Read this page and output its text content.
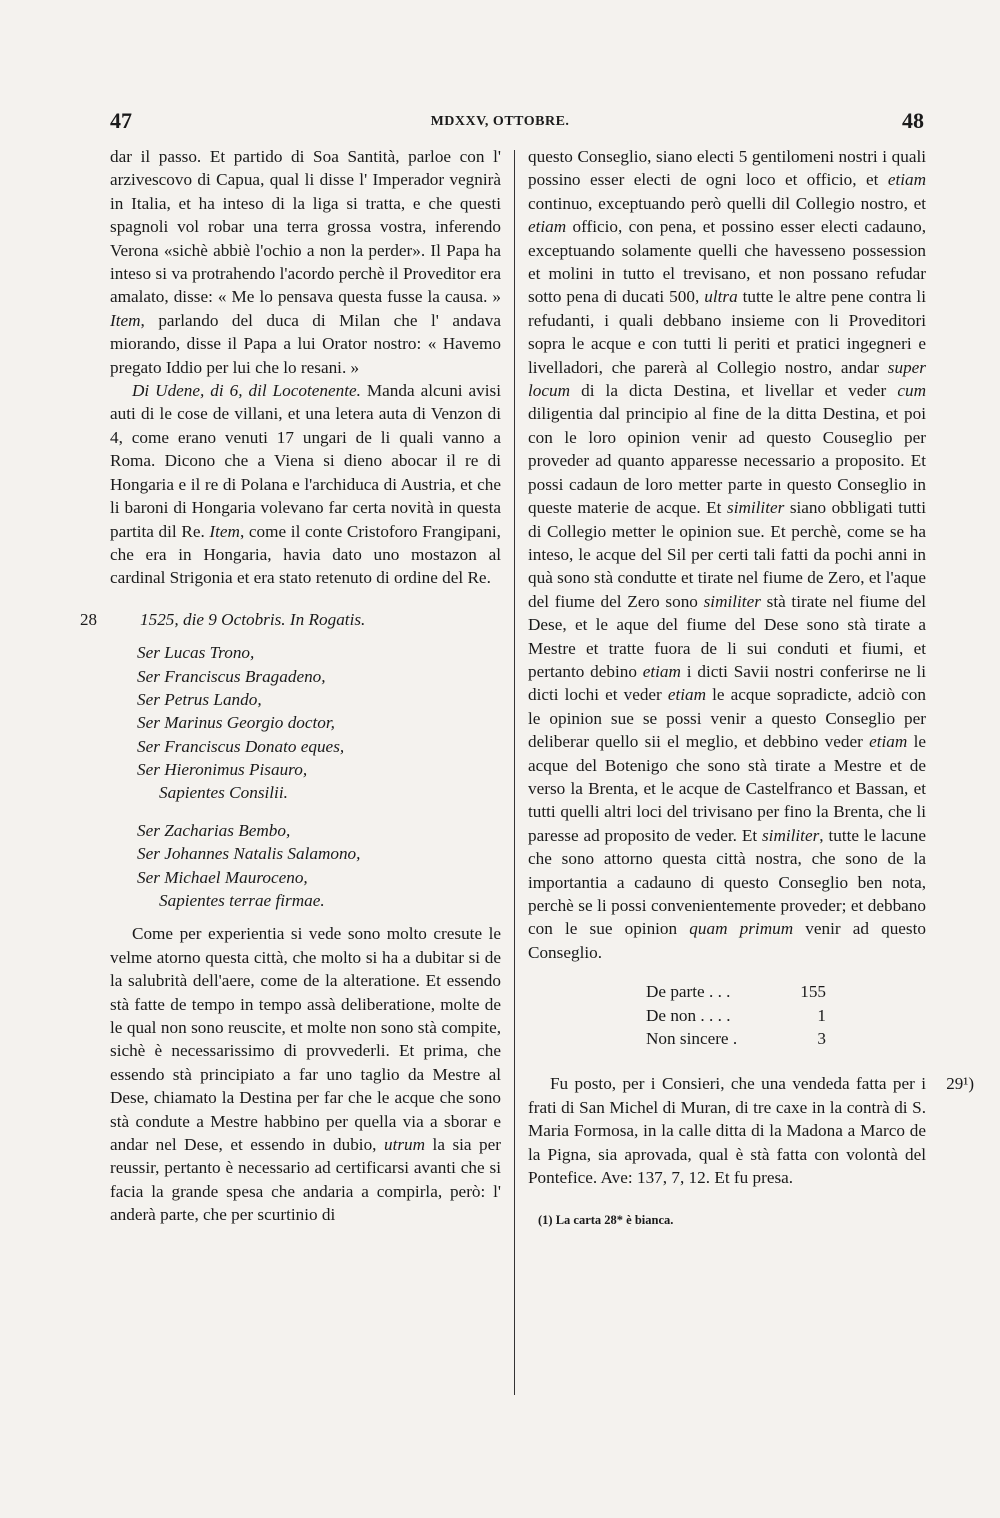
47	MDXXV, OTTOBRE.	48

dar il passo. Et partido di Soa Santità, parloe con l' arzivescovo di Capua, qual li disse l' Imperador vegnirà in Italia, et ha inteso di la liga si tratta, e che questi spagnoli vol robar una terra grossa vostra, inferendo Verona «sichè abbiè l'ochio a non la perder». Il Papa ha inteso si va protrahendo l'acordo perchè il Proveditor era amalato, disse: « Me lo pensava questa fusse la causa. » Item, parlando del duca di Milan che l' andava miorando, disse il Papa a lui Orator nostro: « Havemo pregato Iddio per lui che lo resani. »

Di Udene, di 6, dil Locotenente. Manda alcuni avisi auti di le cose de villani, et una letera auta di Venzon di 4, come erano venuti 17 ungari de li quali vanno a Roma. Dicono che a Viena si dieno abocar il re di Hongaria e il re di Polana e l'archiduca di Austria, et che li baroni di Hongaria volevano far certa novità in questa partita dil Re. Item, come il conte Cristoforo Frangipani, che era in Hongaria, havia dato uno mostazon al cardinal Strigonia et era stato retenuto di ordine del Re.

28	1525, die 9 Octobris. In Rogatis.
Ser Lucas Trono,
Ser Franciscus Bragadeno,
Ser Petrus Lando,
Ser Marinus Georgio doctor,
Ser Franciscus Donato eques,
Ser Hieronimus Pisauro,
Sapientes Consilii.
Ser Zacharias Bembo,
Ser Johannes Natalis Salamono,
Ser Michael Mauroceno,
Sapientes terrae firmae.

Come per experientia si vede sono molto cresute le velme atorno questa città, che molto si ha a dubitar si de la salubrità dell'aere, come de la alteratione. Et essendo stà fatte de tempo in tempo assà deliberatione, molte de le qual non sono reuscite, et molte non sono stà compite, sichè è necessarissimo di provvederli. Et prima, che essendo stà principiato a far uno taglio da Mestre al Dese, chiamato la Destina per far che le acque che sono stà condute a Mestre habbino per quella via a sborar e andar nel Dese, et essendo in dubio, utrum la sia per reussir, pertanto è necessario ad certificarsi avanti che si facia la grande spesa che andaria a compirla, però: l' anderà parte, che per scurtinio di

questo Conseglio, siano electi 5 gentilomeni nostri i quali possino esser electi de ogni loco et officio, et etiam continuo, exceptuando però quelli dil Collegio nostro, et etiam officio, con pena, et possino esser electi cadauno, exceptuando solamente quelli che havesseno possession et molini in tutto el trevisano, et non possano refudar sotto pena di ducati 500, ultra tutte le altre pene contra li refudanti, i quali debbano insieme con li Proveditori sopra le acque e con tutti li periti et pratici ingegneri e livelladori, che parerà al Collegio nostro, andar super locum di la dicta Destina, et livellar et veder cum diligentia dal principio al fine de la ditta Destina, et poi con le loro opinion venir ad questo Couseglio per proveder ad quanto apparesse necessario a proposito. Et possi cadaun de loro metter parte in questo Conseglio in queste materie de acque. Et similiter siano obbligati tutti di Collegio metter le opinion sue. Et perchè, come se ha inteso, le acque del Sil per certi tali fatti da pochi anni in quà sono stà condutte et tirate nel fiume de Zero, et l'aque del fiume del Zero sono similiter stà tirate nel fiume del Dese, et le aque del fiume del Dese sono stà tirate a Mestre et tratte fuora de li sui conduti et fiumi, et pertanto debino etiam i dicti Savii nostri conferirse ne li dicti lochi et veder etiam le acque sopradicte, adciò con le opinion sue se possi venir a questo Conseglio per deliberar quello sii el meglio, et debbino veder etiam le acque del Botenigo che sono stà tirate a Mestre et de verso la Brenta, et le acque de Castelfranco et Bassan, et tutti quelli altri loci del trivisano per fino la Brenta, che li paresse ad proposito de veder. Et similiter, tutte le lacune che sono attorno questa città nostra, che sono de la importantia a cadauno di questo Conseglio ben nota, perchè se li possi convenientemente proveder; et debbano con le sue opinion quam primum venir ad questo Conseglio.

De parte . . .	155
De non . . . .	1
Non sincere .	3

29¹)
Fu posto, per i Consieri, che una vendeda fatta per i frati di San Michel di Muran, di tre caxe in la contrà di S. Maria Formosa, in la calle ditta di la Madona a Marco de la Pigna, sia aprovada, qual è stà fatta con volontà del Pontefice. Ave: 137, 7, 12. Et fu presa.

(1) La carta 28* è bianca.
